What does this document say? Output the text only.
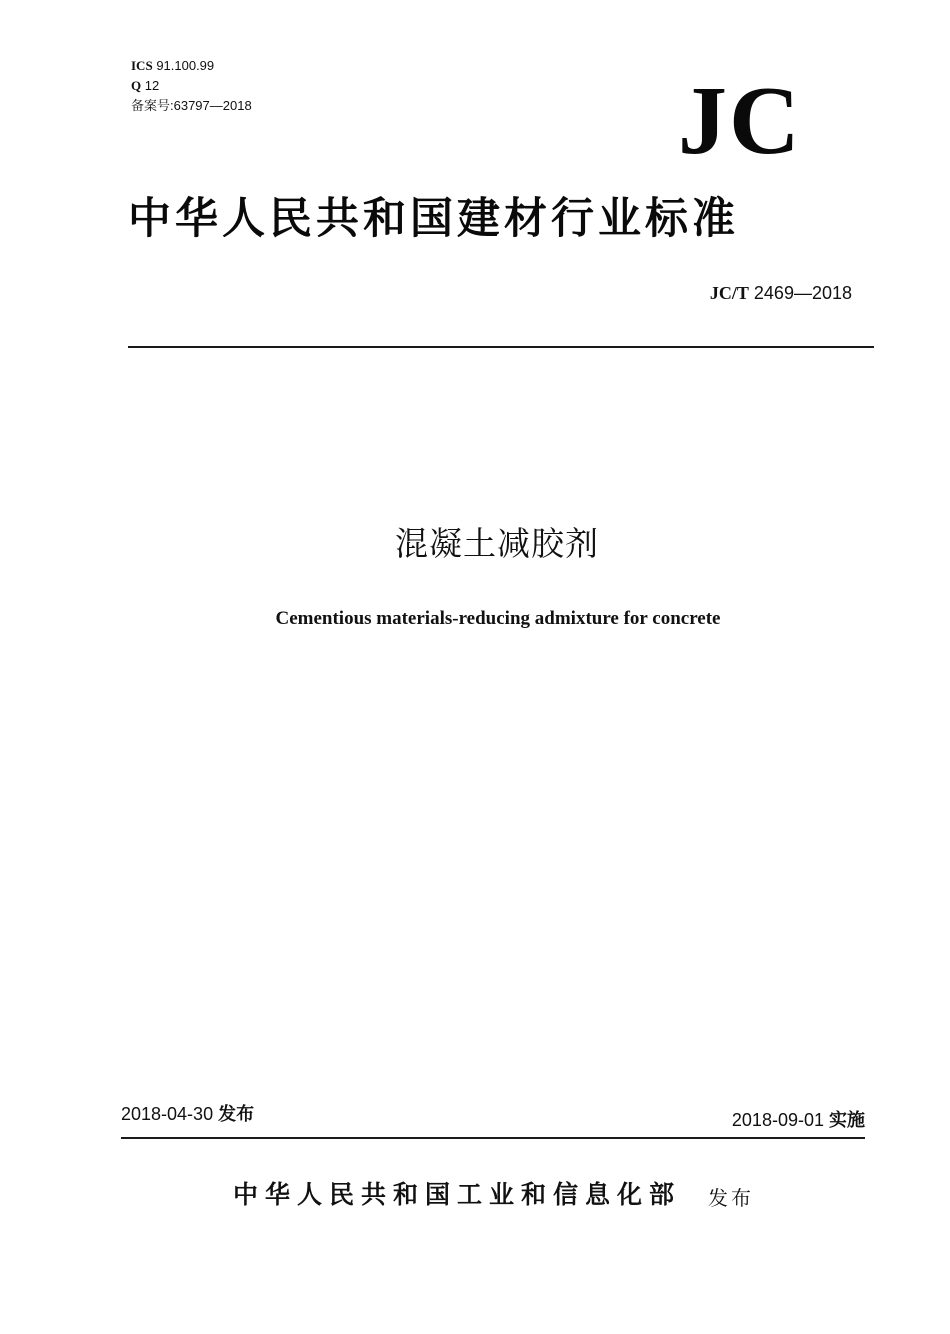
ICS 91.100.99
Q 12
备案号:63797—2018	JC
中华人民共和国建材行业标准
JC/T 2469—2018
混凝土减胶剂
Cementious materials-reducing admixture for concrete
2018-04-30 发布	2018-09-01 实施
中华人民共和国工业和信息化部 发布
